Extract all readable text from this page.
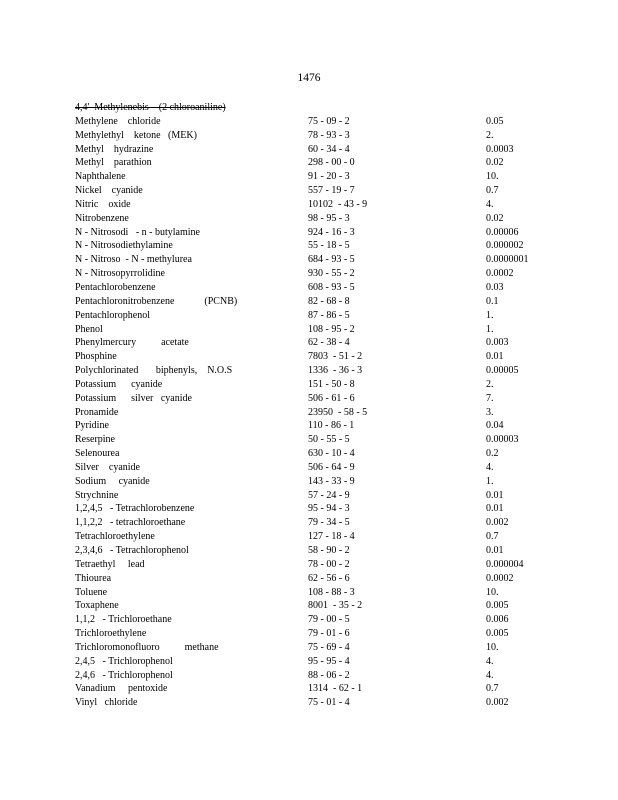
1476
4,4'  Methylenebis    (2 chloroaniline)
Methylene    chloride	75 - 09 - 2	0.05
Methylethyl    ketone   (MEK)	78 - 93 - 3	2.
Methyl    hydrazine	60 - 34 - 4	0.0003
Methyl    parathion	298 - 00 - 0	0.02
Naphthalene	91 - 20 - 3	10.
Nickel    cyanide	557 - 19 - 7	0.7
Nitric    oxide	10102  - 43 - 9	4.
Nitrobenzene	98 - 95 - 3	0.02
N - Nitrosodi   - n - butylamine	924 - 16 - 3	0.00006
N - Nitrosodiethylamine	55 - 18 - 5	0.000002
N - Nitroso  - N - methylurea	684 - 93 - 5	0.0000001
N - Nitrosopyrrolidine	930 - 55 - 2	0.0002
Pentachlorobenzene	608 - 93 - 5	0.03
Pentachloronitrobenzene            (PCNB)	82 - 68 - 8	0.1
Pentachlorophenol	87 - 86 - 5	1.
Phenol	108 - 95 - 2	1.
Phenylmercury          acetate	62 - 38 - 4	0.003
Phosphine	7803  - 51 - 2	0.01
Polychlorinated       biphenyls,    N.O.S	1336  - 36 - 3	0.00005
Potassium      cyanide	151 - 50 - 8	2.
Potassium      silver   cyanide	506 - 61 - 6	7.
Pronamide	23950  - 58 - 5	3.
Pyridine	110 - 86 - 1	0.04
Reserpine	50 - 55 - 5	0.00003
Selenourea	630 - 10 - 4	0.2
Silver    cyanide	506 - 64 - 9	4.
Sodium     cyanide	143 - 33 - 9	1.
Strychnine	57 - 24 - 9	0.01
1,2,4,5   - Tetrachlorobenzene	95 - 94 - 3	0.01
1,1,2,2   - tetrachloroethane	79 - 34 - 5	0.002
Tetrachloroethylene	127 - 18 - 4	0.7
2,3,4,6   - Tetrachlorophenol	58 - 90 - 2	0.01
Tetraethyl     lead	78 - 00 - 2	0.000004
Thiourea	62 - 56 - 6	0.0002
Toluene	108 - 88 - 3	10.
Toxaphene	8001  - 35 - 2	0.005
1,1,2   - Trichloroethane	79 - 00 - 5	0.006
Trichloroethylene	79 - 01 - 6	0.005
Trichloromonofluoro          methane	75 - 69 - 4	10.
2,4,5   - Trichlorophenol	95 - 95 - 4	4.
2,4,6   - Trichlorophenol	88 - 06 - 2	4.
Vanadium     pentoxide	1314  - 62 - 1	0.7
Vinyl   chloride	75 - 01 - 4	0.002
